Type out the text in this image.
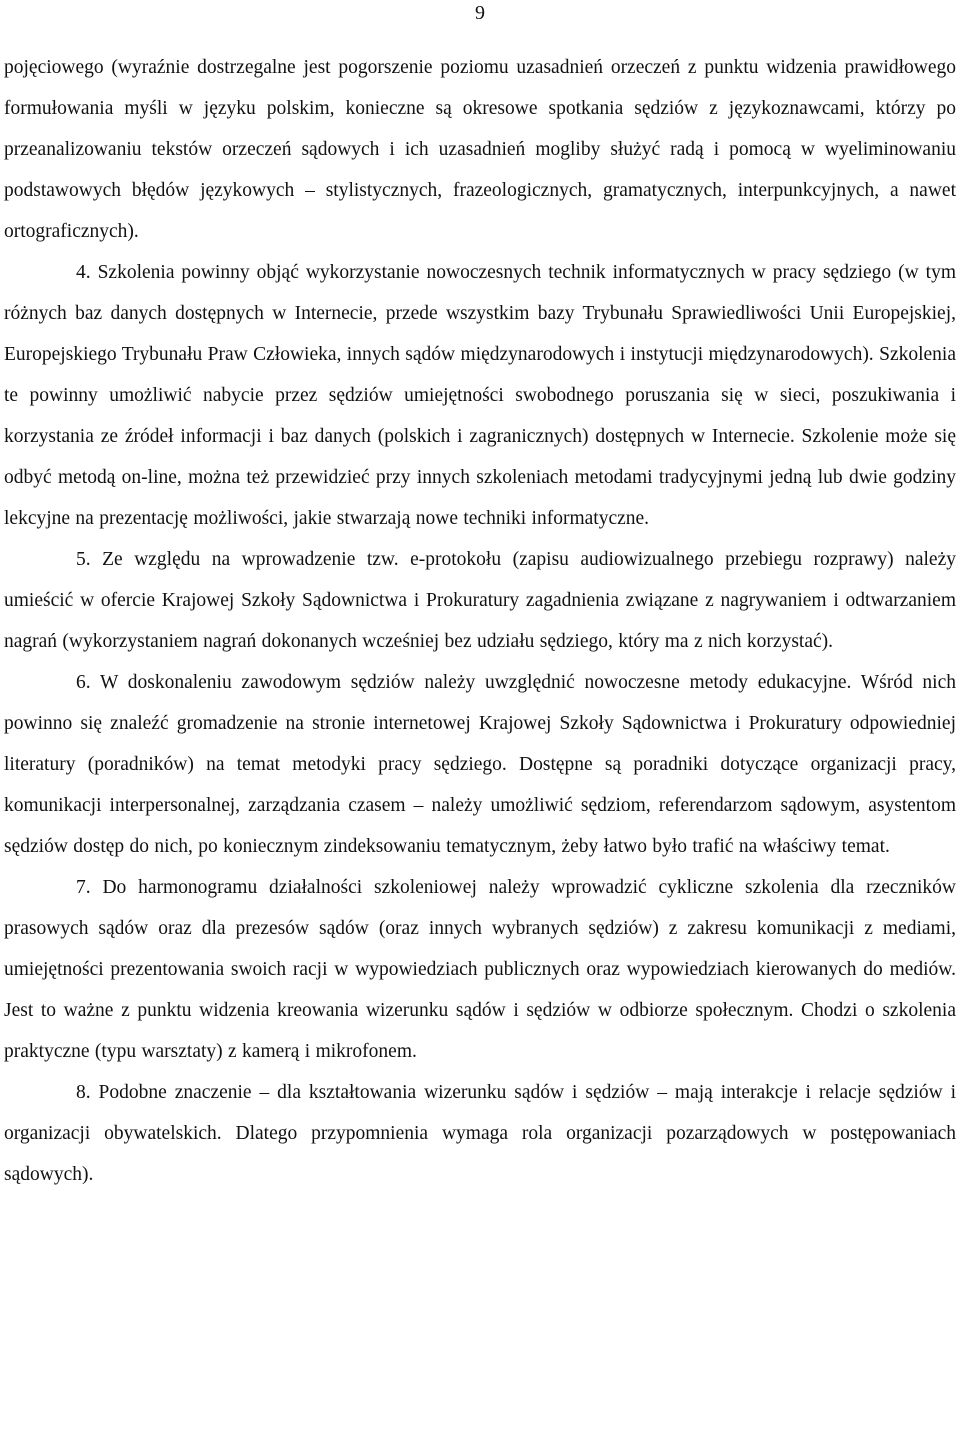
9

pojęciowego (wyraźnie dostrzegalne jest pogorszenie poziomu uzasadnień orzeczeń z punktu widzenia prawidłowego formułowania myśli w języku polskim, konieczne są okresowe spotkania sędziów z językoznawcami, którzy po przeanalizowaniu tekstów orzeczeń sądowych i ich uzasadnień mogliby służyć radą i pomocą w wyeliminowaniu podstawowych błędów językowych – stylistycznych, frazeologicznych, gramatycznych, interpunkcyjnych, a nawet ortograficznych).

4. Szkolenia powinny objąć wykorzystanie nowoczesnych technik informatycznych w pracy sędziego (w tym różnych baz danych dostępnych w Internecie, przede wszystkim bazy Trybunału Sprawiedliwości Unii Europejskiej, Europejskiego Trybunału Praw Człowieka, innych sądów międzynarodowych i instytucji międzynarodowych). Szkolenia te powinny umożliwić nabycie przez sędziów umiejętności swobodnego poruszania się w sieci, poszukiwania i korzystania ze źródeł informacji i baz danych (polskich i zagranicznych) dostępnych w Internecie. Szkolenie może się odbyć metodą on-line, można też przewidzieć przy innych szkoleniach metodami tradycyjnymi jedną lub dwie godziny lekcyjne na prezentację możliwości, jakie stwarzają nowe techniki informatyczne.

5. Ze względu na wprowadzenie tzw. e-protokołu (zapisu audiowizualnego przebiegu rozprawy) należy umieścić w ofercie Krajowej Szkoły Sądownictwa i Prokuratury zagadnienia związane z nagrywaniem i odtwarzaniem nagrań (wykorzystaniem nagrań dokonanych wcześniej bez udziału sędziego, który ma z nich korzystać).

6. W doskonaleniu zawodowym sędziów należy uwzględnić nowoczesne metody edukacyjne. Wśród nich powinno się znaleźć gromadzenie na stronie internetowej Krajowej Szkoły Sądownictwa i Prokuratury odpowiedniej literatury (poradników) na temat metodyki pracy sędziego. Dostępne są poradniki dotyczące organizacji pracy, komunikacji interpersonalnej, zarządzania czasem – należy umożliwić sędziom, referendarzom sądowym, asystentom sędziów dostęp do nich, po koniecznym zindeksowaniu tematycznym, żeby łatwo było trafić na właściwy temat.

7. Do harmonogramu działalności szkoleniowej należy wprowadzić cykliczne szkolenia dla rzeczników prasowych sądów oraz dla prezesów sądów (oraz innych wybranych sędziów) z zakresu komunikacji z mediami, umiejętności prezentowania swoich racji w wypowiedziach publicznych oraz wypowiedziach kierowanych do mediów. Jest to ważne z punktu widzenia kreowania wizerunku sądów i sędziów w odbiorze społecznym. Chodzi o szkolenia praktyczne (typu warsztaty) z kamerą i mikrofonem.

8. Podobne znaczenie – dla kształtowania wizerunku sądów i sędziów – mają interakcje i relacje sędziów i organizacji obywatelskich. Dlatego przypomnienia wymaga rola organizacji pozarządowych w postępowaniach sądowych).
